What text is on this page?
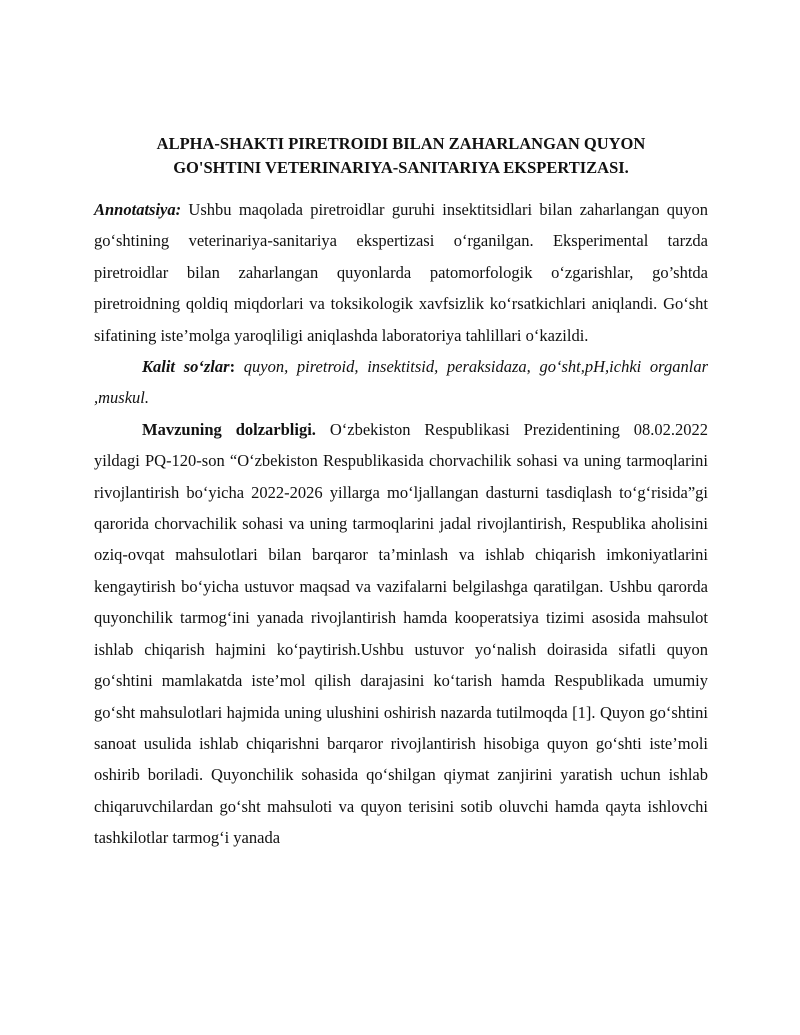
ALPHA-SHAKTI PIRETROIDI BILAN ZAHARLANGAN QUYON
GO'SHTINI VETERINARIYA-SANITARIYA EKSPERTIZASI.

Annotatsiya: Ushbu maqolada piretroidlar guruhi insektitsidlari bilan zaharlangan quyon go‘shtining veterinariya-sanitariya ekspertizasi o‘rganilgan. Eksperimental tarzda piretroidlar bilan zaharlangan quyonlarda patomorfologik o‘zgarishlar, go’shtda piretroidning qoldiq miqdorlari va toksikologik xavfsizlik ko‘rsatkichlari aniqlandi. Go‘sht sifatining iste’molga yaroqliligi aniqlashda laboratoriya tahlillari o‘kazildi.

Kalit so‘zlar: quyon, piretroid, insektitsid, peraksidaza, go‘sht,pH,ichki organlar ,muskul.

Mavzuning dolzarbligi. O‘zbekiston Respublikasi Prezidentining 08.02.2022 yildagi PQ-120-son “O‘zbekiston Respublikasida chorvachilik sohasi va uning tarmoqlarini rivojlantirish bo‘yicha 2022-2026 yillarga mo‘ljallangan dasturni tasdiqlash to‘g‘risida”gi qarorida chorvachilik sohasi va uning tarmoqlarini jadal rivojlantirish, Respublika aholisini oziq-ovqat mahsulotlari bilan barqaror ta’minlash va ishlab chiqarish imkoniyatlarini kengaytirish bo‘yicha ustuvor maqsad va vazifalarni belgilashga qaratilgan. Ushbu qarorda quyonchilik tarmog‘ini yanada rivojlantirish hamda kooperatsiya tizimi asosida mahsulot ishlab chiqarish hajmini ko‘paytirish.Ushbu ustuvor yo‘nalish doirasida sifatli quyon go‘shtini mamlakatda iste’mol qilish darajasini ko‘tarish hamda Respublikada umumiy go‘sht mahsulotlari hajmida uning ulushini oshirish nazarda tutilmoqda [1]. Quyon go‘shtini sanoat usulida ishlab chiqarishni barqaror rivojlantirish hisobiga quyon go‘shti iste’moli oshirib boriladi. Quyonchilik sohasida qo‘shilgan qiymat zanjirini yaratish uchun ishlab chiqaruvchilardan go‘sht mahsuloti va quyon terisini sotib oluvchi hamda qayta ishlovchi tashkilotlar tarmog‘i yanada
